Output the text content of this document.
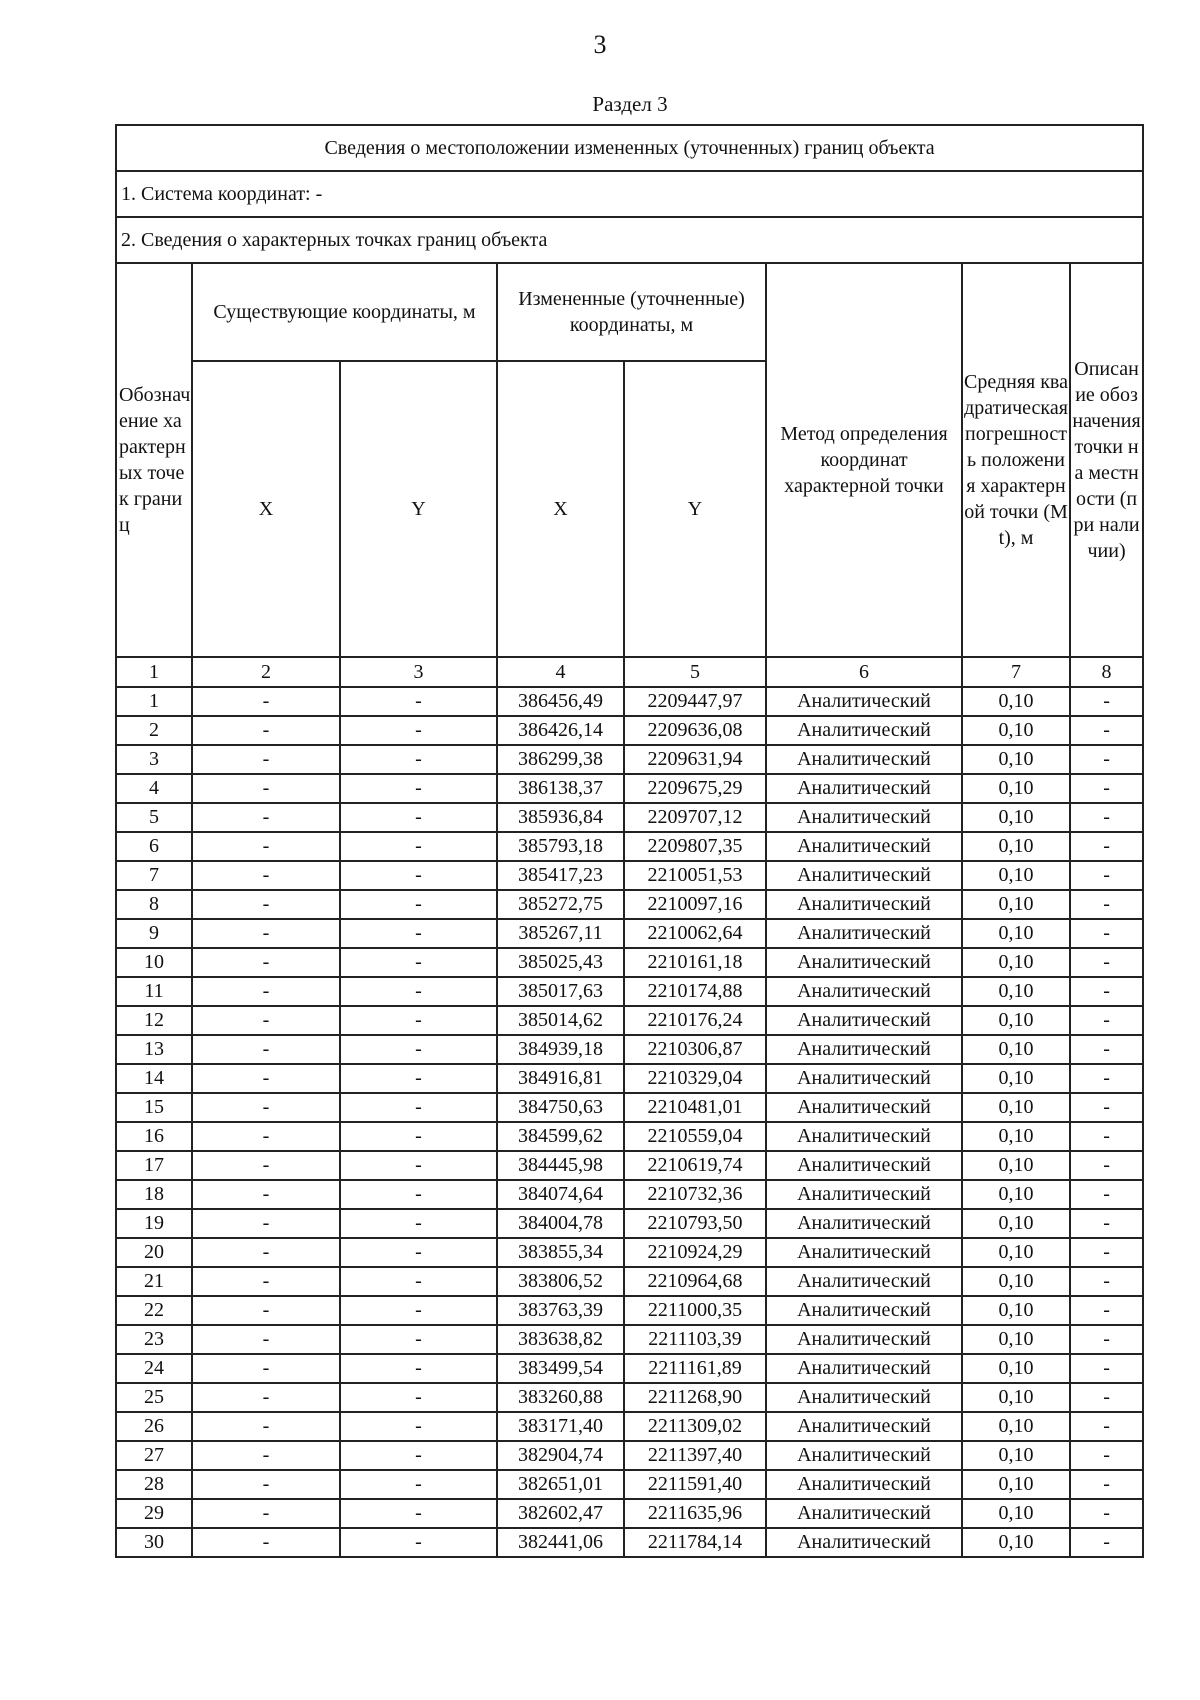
3
Раздел 3
Сведения о местоположении измененных (уточненных) границ объекта							
1. Система координат: -							
2. Сведения о характерных точках границ объекта							
Обозначение характерных точек границ	Существующие координаты, м		Измененные (уточненные) координаты, м		Метод определения координат характерной точки	Средняя квадратическая погрешность положения характерной точки (Mt), м	Описание обозначения точки на местности (при наличии)
	X	Y	X	Y			
1	2	3	4	5	6	7	8
1	-	-	386456,49	2209447,97	Аналитический	0,10	-
2	-	-	386426,14	2209636,08	Аналитический	0,10	-
3	-	-	386299,38	2209631,94	Аналитический	0,10	-
4	-	-	386138,37	2209675,29	Аналитический	0,10	-
5	-	-	385936,84	2209707,12	Аналитический	0,10	-
6	-	-	385793,18	2209807,35	Аналитический	0,10	-
7	-	-	385417,23	2210051,53	Аналитический	0,10	-
8	-	-	385272,75	2210097,16	Аналитический	0,10	-
9	-	-	385267,11	2210062,64	Аналитический	0,10	-
10	-	-	385025,43	2210161,18	Аналитический	0,10	-
11	-	-	385017,63	2210174,88	Аналитический	0,10	-
12	-	-	385014,62	2210176,24	Аналитический	0,10	-
13	-	-	384939,18	2210306,87	Аналитический	0,10	-
14	-	-	384916,81	2210329,04	Аналитический	0,10	-
15	-	-	384750,63	2210481,01	Аналитический	0,10	-
16	-	-	384599,62	2210559,04	Аналитический	0,10	-
17	-	-	384445,98	2210619,74	Аналитический	0,10	-
18	-	-	384074,64	2210732,36	Аналитический	0,10	-
19	-	-	384004,78	2210793,50	Аналитический	0,10	-
20	-	-	383855,34	2210924,29	Аналитический	0,10	-
21	-	-	383806,52	2210964,68	Аналитический	0,10	-
22	-	-	383763,39	2211000,35	Аналитический	0,10	-
23	-	-	383638,82	2211103,39	Аналитический	0,10	-
24	-	-	383499,54	2211161,89	Аналитический	0,10	-
25	-	-	383260,88	2211268,90	Аналитический	0,10	-
26	-	-	383171,40	2211309,02	Аналитический	0,10	-
27	-	-	382904,74	2211397,40	Аналитический	0,10	-
28	-	-	382651,01	2211591,40	Аналитический	0,10	-
29	-	-	382602,47	2211635,96	Аналитический	0,10	-
30	-	-	382441,06	2211784,14	Аналитический	0,10	-
